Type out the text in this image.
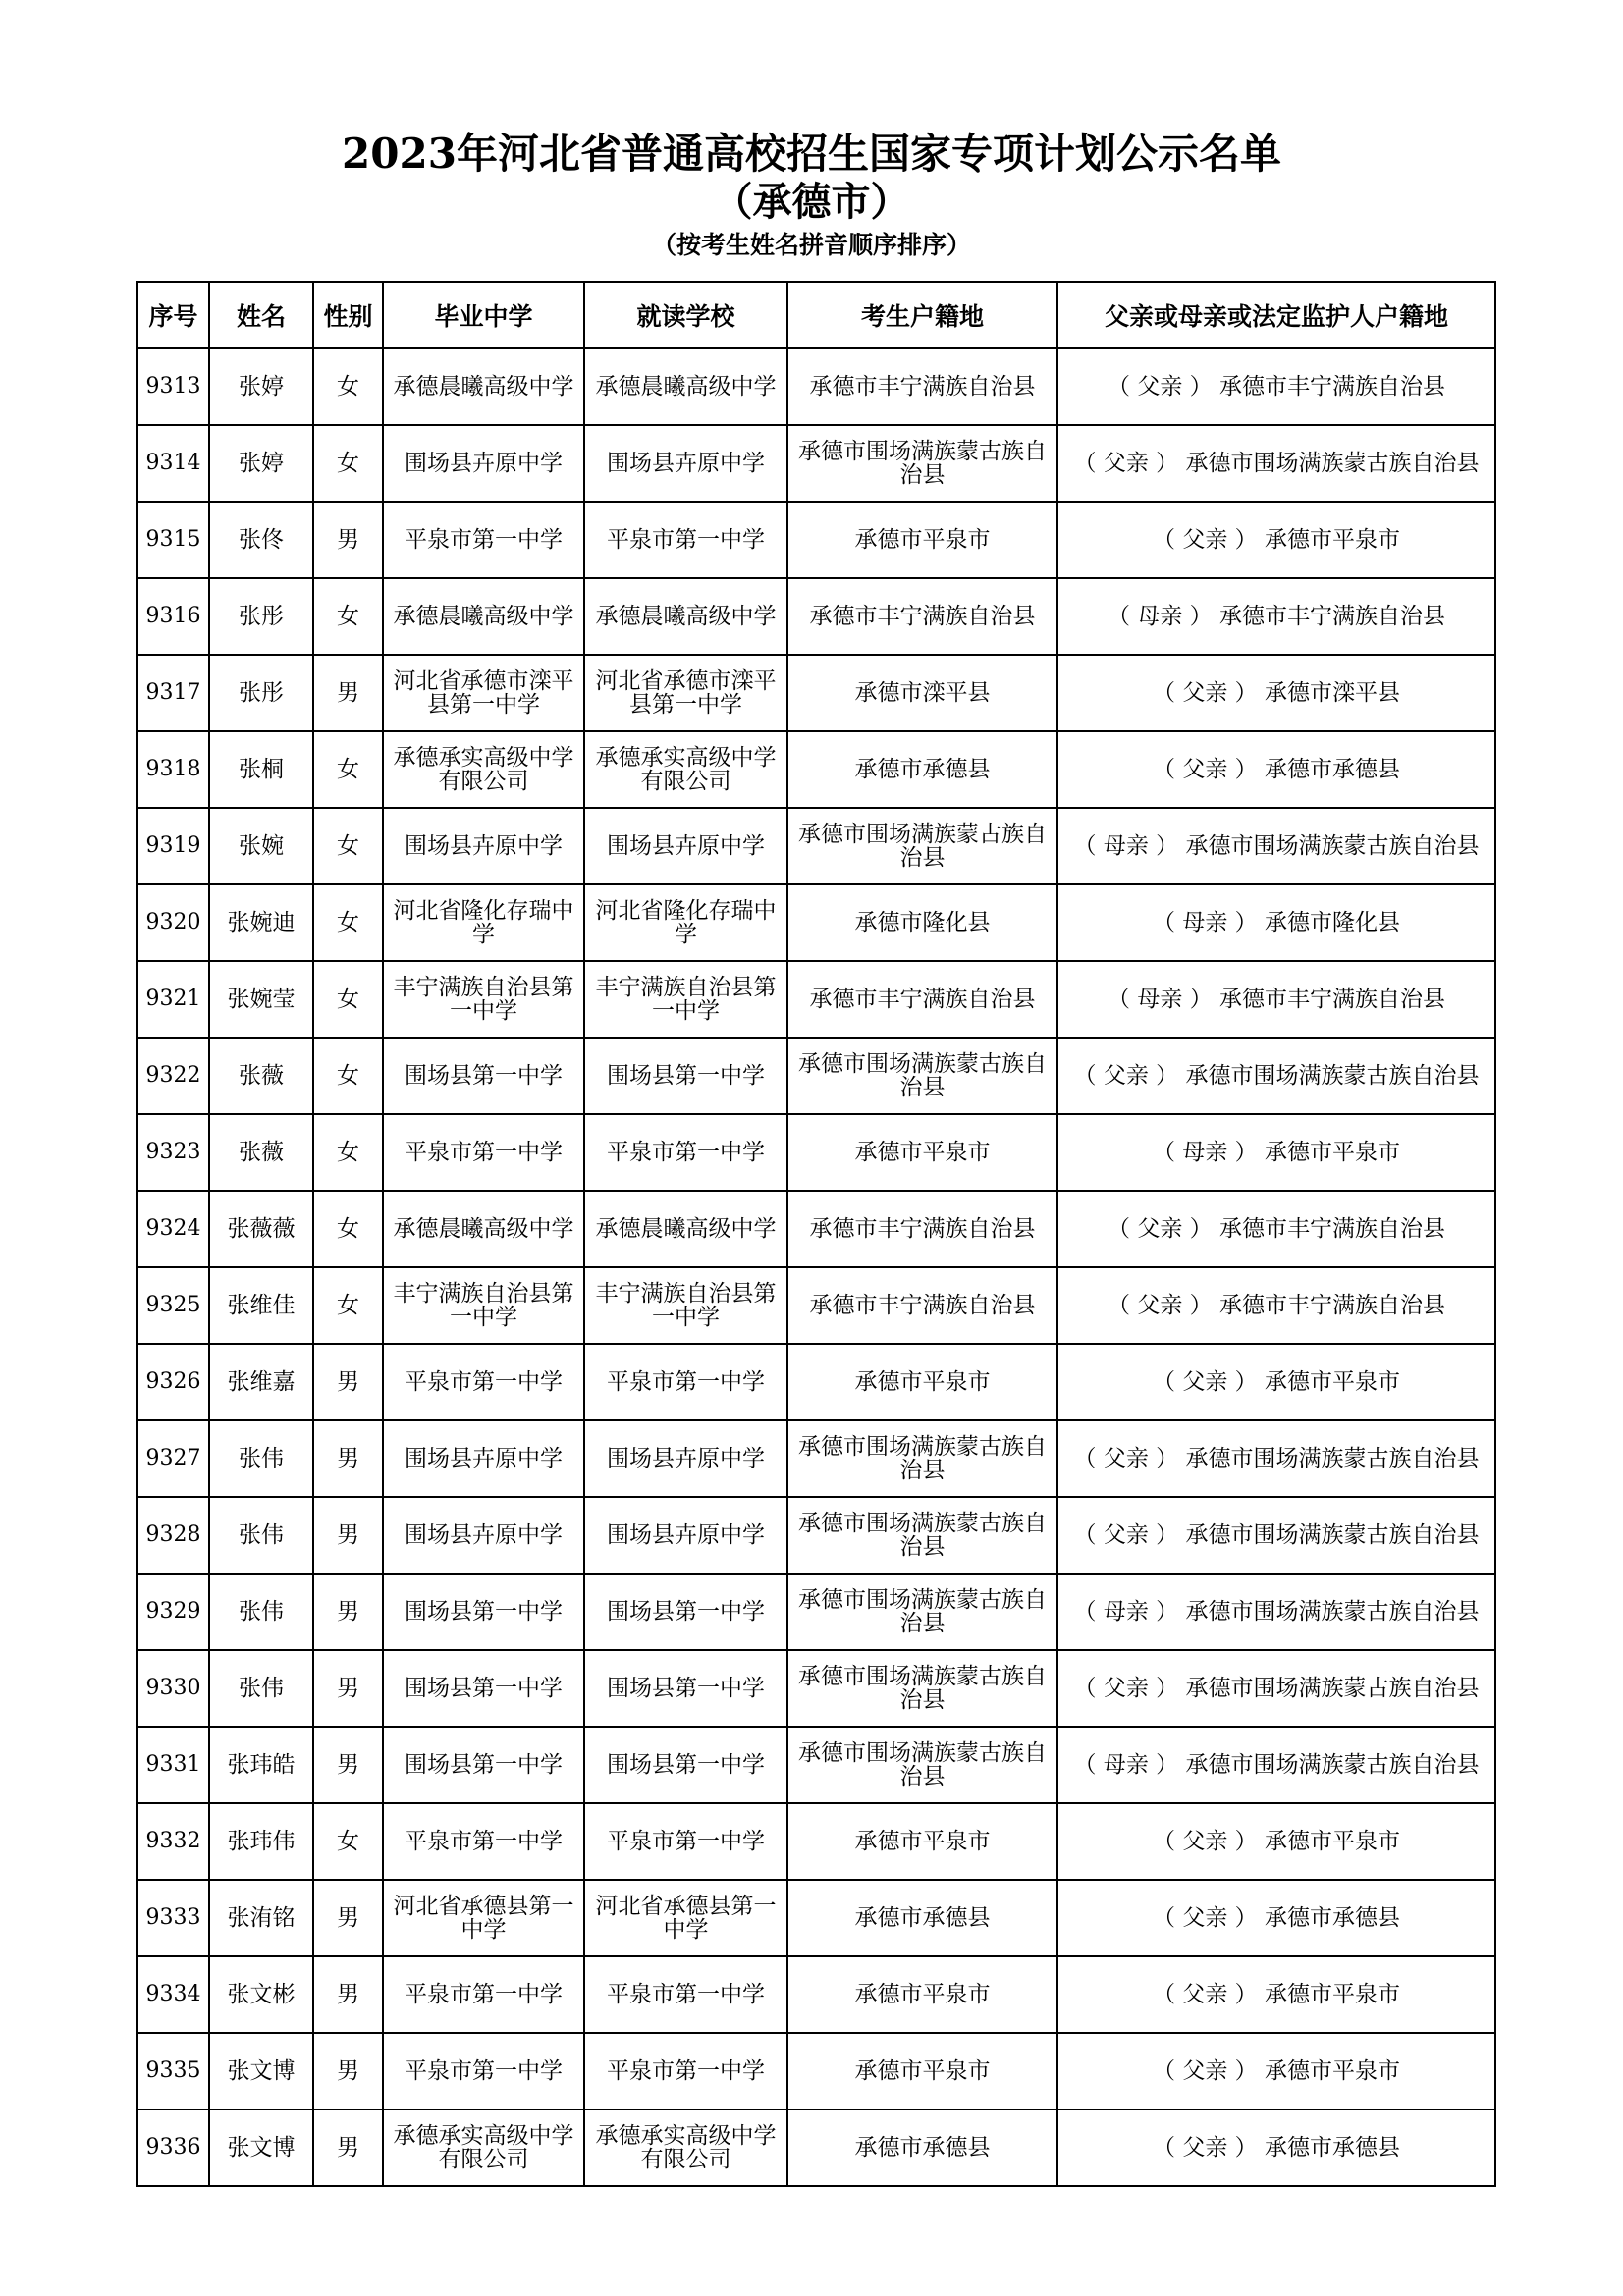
2023年河北省普通高校招生国家专项计划公示名单
（承德市）
（按考生姓名拼音顺序排序）
序号	姓名	性别	毕业中学	就读学校	考生户籍地	父亲或母亲或法定监护人户籍地
9313	张婷	女	承德晨曦高级中学	承德晨曦高级中学	承德市丰宁满族自治县	（ 父亲 ） 承德市丰宁满族自治县
9314	张婷	女	围场县卉原中学	围场县卉原中学	承德市围场满族蒙古族自治县	（ 父亲 ） 承德市围场满族蒙古族自治县
9315	张佟	男	平泉市第一中学	平泉市第一中学	承德市平泉市	（ 父亲 ） 承德市平泉市
9316	张彤	女	承德晨曦高级中学	承德晨曦高级中学	承德市丰宁满族自治县	（ 母亲 ） 承德市丰宁满族自治县
9317	张彤	男	河北省承德市滦平县第一中学	河北省承德市滦平县第一中学	承德市滦平县	（ 父亲 ） 承德市滦平县
9318	张桐	女	承德承实高级中学有限公司	承德承实高级中学有限公司	承德市承德县	（ 父亲 ） 承德市承德县
9319	张婉	女	围场县卉原中学	围场县卉原中学	承德市围场满族蒙古族自治县	（ 母亲 ） 承德市围场满族蒙古族自治县
9320	张婉迪	女	河北省隆化存瑞中学	河北省隆化存瑞中学	承德市隆化县	（ 母亲 ） 承德市隆化县
9321	张婉莹	女	丰宁满族自治县第一中学	丰宁满族自治县第一中学	承德市丰宁满族自治县	（ 母亲 ） 承德市丰宁满族自治县
9322	张薇	女	围场县第一中学	围场县第一中学	承德市围场满族蒙古族自治县	（ 父亲 ） 承德市围场满族蒙古族自治县
9323	张薇	女	平泉市第一中学	平泉市第一中学	承德市平泉市	（ 母亲 ） 承德市平泉市
9324	张薇薇	女	承德晨曦高级中学	承德晨曦高级中学	承德市丰宁满族自治县	（ 父亲 ） 承德市丰宁满族自治县
9325	张维佳	女	丰宁满族自治县第一中学	丰宁满族自治县第一中学	承德市丰宁满族自治县	（ 父亲 ） 承德市丰宁满族自治县
9326	张维嘉	男	平泉市第一中学	平泉市第一中学	承德市平泉市	（ 父亲 ） 承德市平泉市
9327	张伟	男	围场县卉原中学	围场县卉原中学	承德市围场满族蒙古族自治县	（ 父亲 ） 承德市围场满族蒙古族自治县
9328	张伟	男	围场县卉原中学	围场县卉原中学	承德市围场满族蒙古族自治县	（ 父亲 ） 承德市围场满族蒙古族自治县
9329	张伟	男	围场县第一中学	围场县第一中学	承德市围场满族蒙古族自治县	（ 母亲 ） 承德市围场满族蒙古族自治县
9330	张伟	男	围场县第一中学	围场县第一中学	承德市围场满族蒙古族自治县	（ 父亲 ） 承德市围场满族蒙古族自治县
9331	张玮皓	男	围场县第一中学	围场县第一中学	承德市围场满族蒙古族自治县	（ 母亲 ） 承德市围场满族蒙古族自治县
9332	张玮伟	女	平泉市第一中学	平泉市第一中学	承德市平泉市	（ 父亲 ） 承德市平泉市
9333	张洧铭	男	河北省承德县第一中学	河北省承德县第一中学	承德市承德县	（ 父亲 ） 承德市承德县
9334	张文彬	男	平泉市第一中学	平泉市第一中学	承德市平泉市	（ 父亲 ） 承德市平泉市
9335	张文博	男	平泉市第一中学	平泉市第一中学	承德市平泉市	（ 父亲 ） 承德市平泉市
9336	张文博	男	承德承实高级中学有限公司	承德承实高级中学有限公司	承德市承德县	（ 父亲 ） 承德市承德县
